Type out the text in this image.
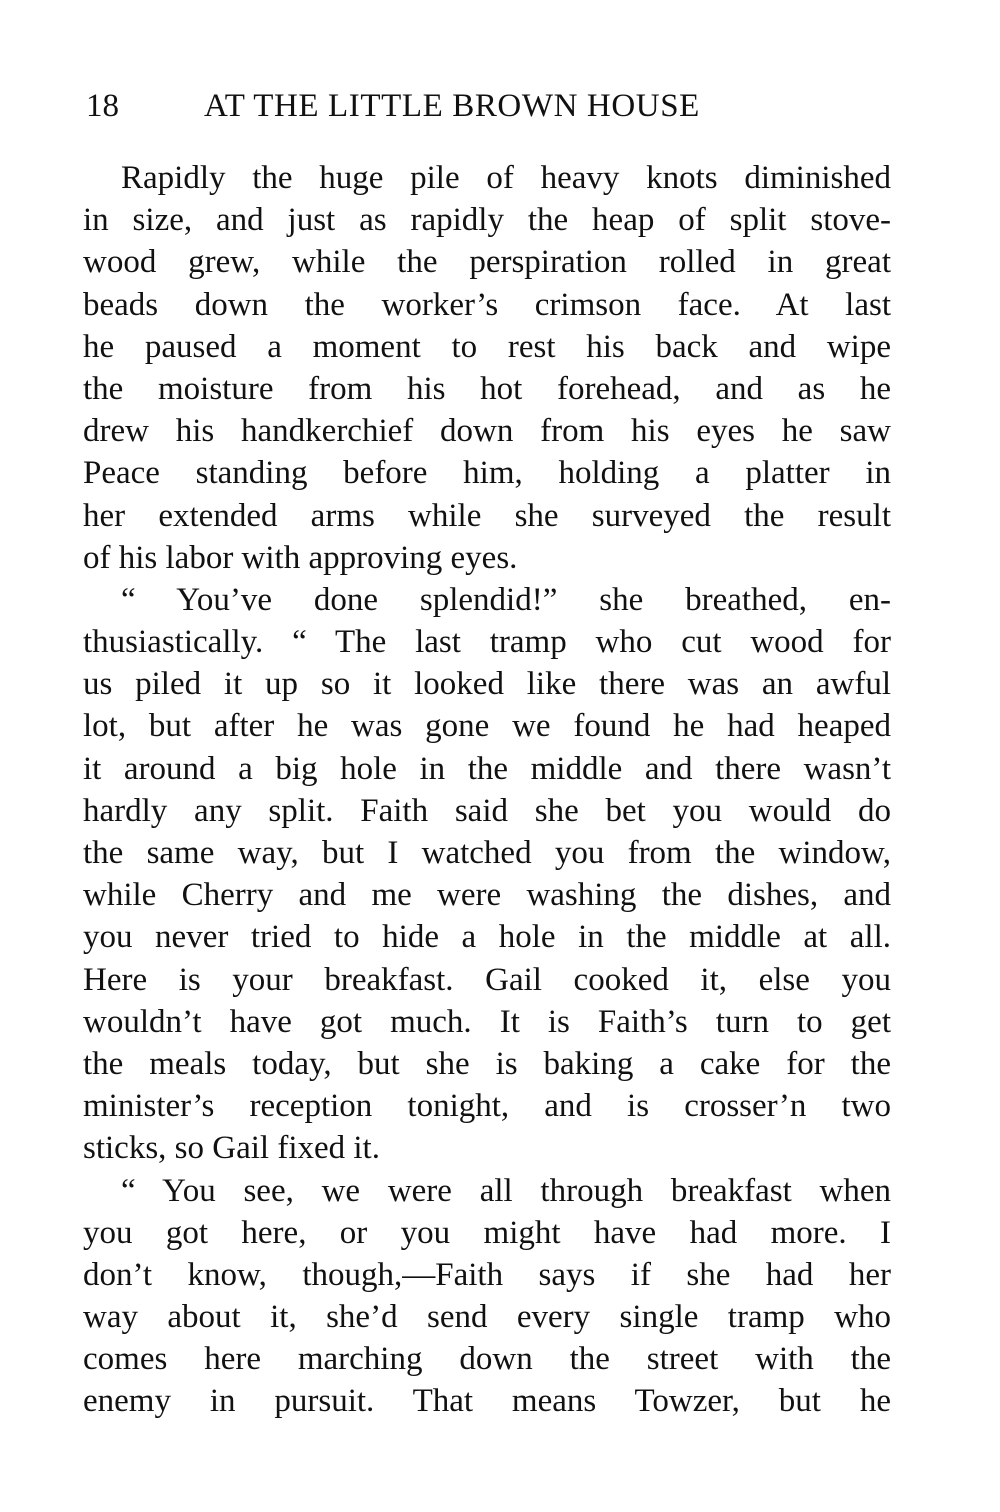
18	AT THE LITTLE BROWN HOUSE
Rapidly the huge pile of heavy knots diminished
in size, and just as rapidly the heap of split stove-
wood grew, while the perspiration rolled in great
beads down the worker’s crimson face. At last
he paused a moment to rest his back and wipe
the moisture from his hot forehead, and as he
drew his handkerchief down from his eyes he saw
Peace standing before him, holding a platter in
her extended arms while she surveyed the result
of his labor with approving eyes.
“ You’ve done splendid!” she breathed, en-
thusiastically. “ The last tramp who cut wood for
us piled it up so it looked like there was an awful
lot, but after he was gone we found he had heaped
it around a big hole in the middle and there wasn’t
hardly any split. Faith said she bet you would do
the same way, but I watched you from the window,
while Cherry and me were washing the dishes, and
you never tried to hide a hole in the middle at all.
Here is your breakfast. Gail cooked it, else you
wouldn’t have got much. It is Faith’s turn to get
the meals today, but she is baking a cake for the
minister’s reception tonight, and is crosser’n two
sticks, so Gail fixed it.
“ You see, we were all through breakfast when
you got here, or you might have had more. I
don’t know, though,—Faith says if she had her
way about it, she’d send every single tramp who
comes here marching down the street with the
enemy in pursuit. That means Towzer, but he
